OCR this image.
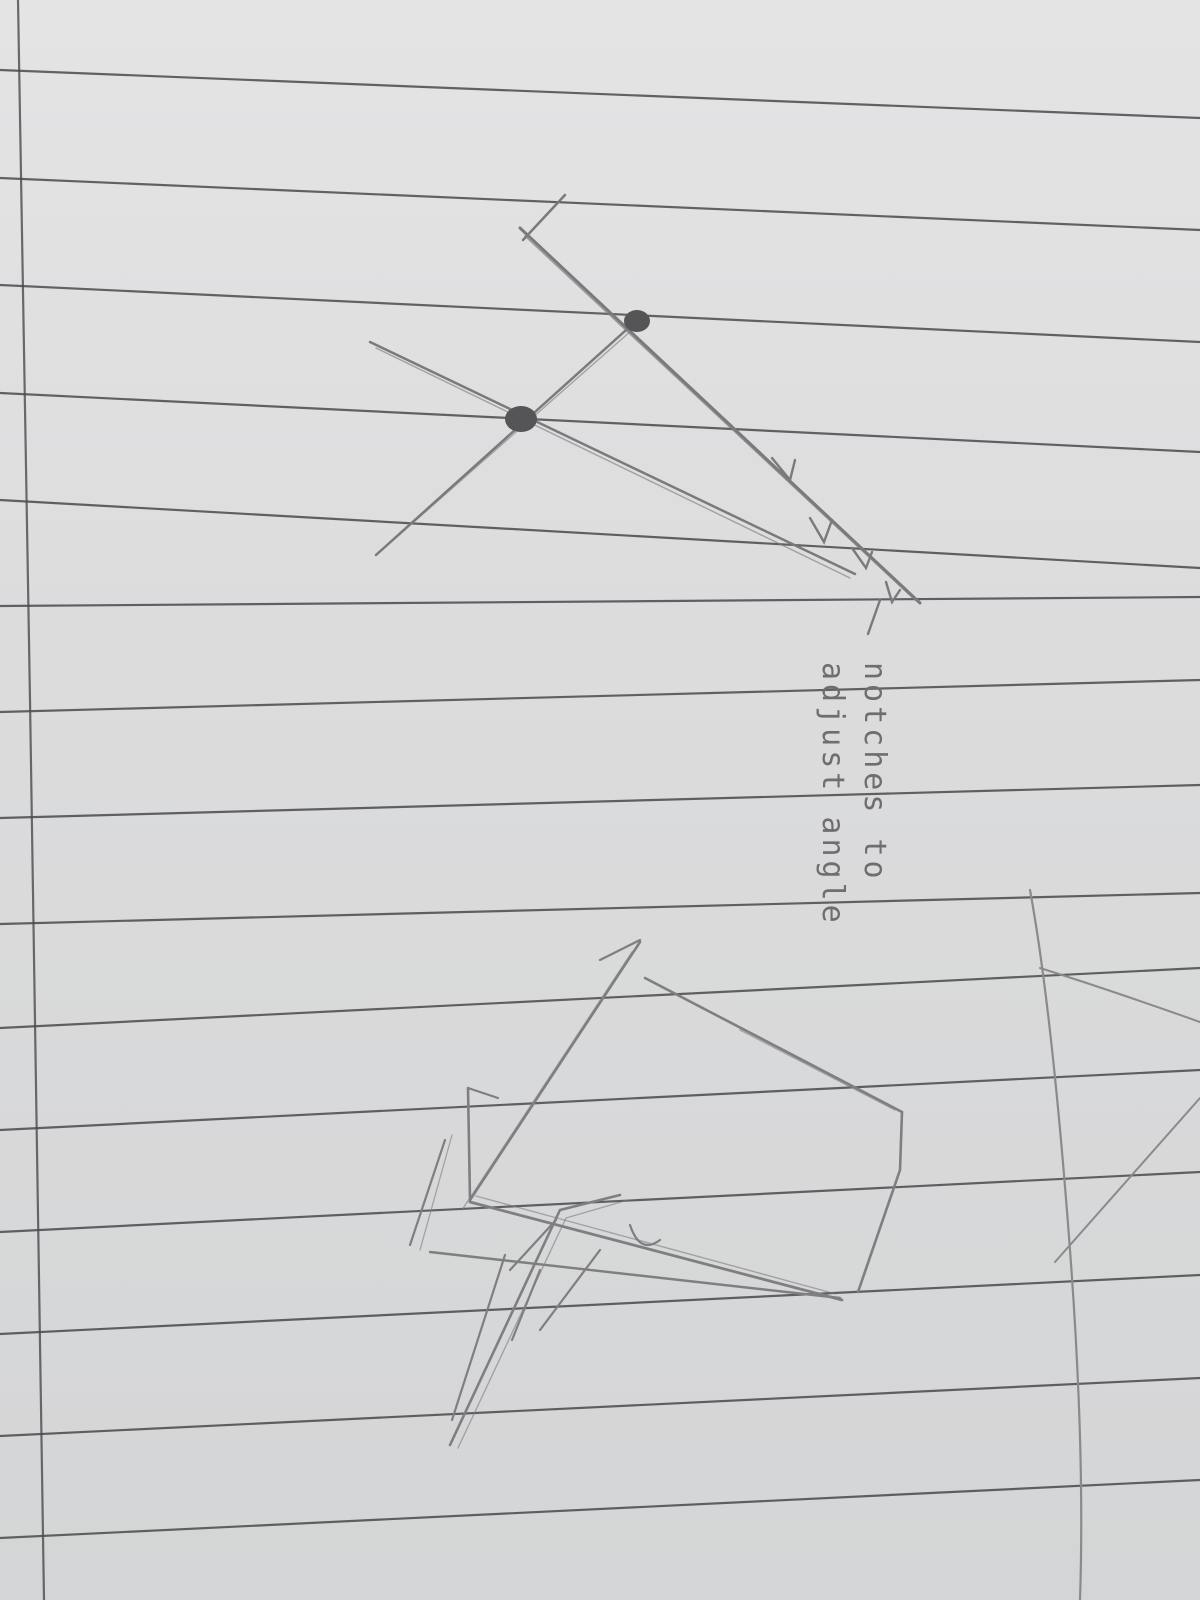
notches to
adjust angle
